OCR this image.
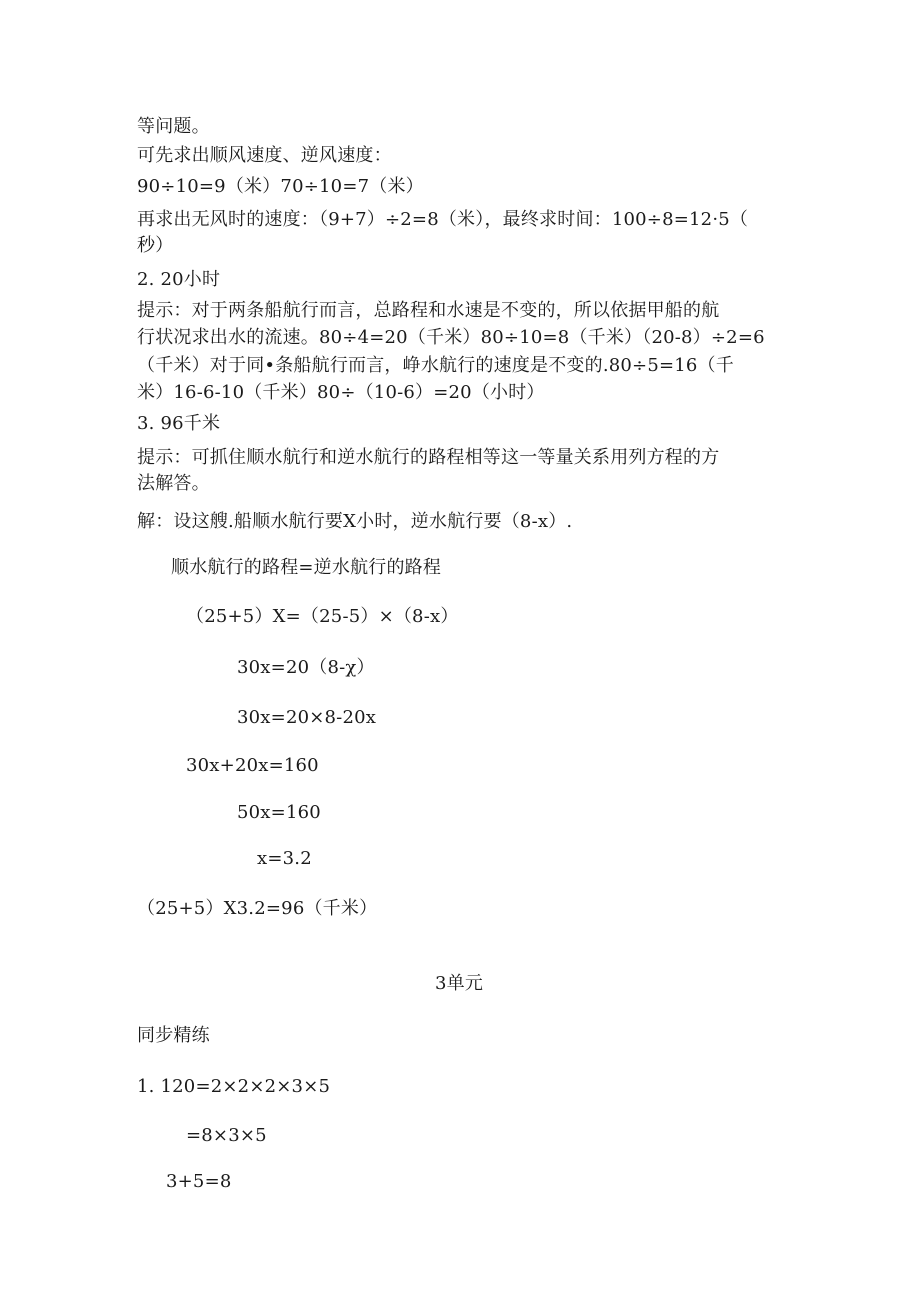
等问题。
可先求出顺风速度、逆风速度：
90÷10=9（米）70÷10=7（米）
再求出无风时的速度：（9+7）÷2=8（米），最终求时间：100÷8=12·5（
秒）
2. 20小时
提示：对于两条船航行而言，总路程和水速是不变的，所以依据甲船的航
行状况求出水的流速。80÷4=20（千米）80÷10=8（千米）（20-8）÷2=6
（千米）对于同•条船航行而言，峥水航行的速度是不变的.80÷5=16（千
米）16-6-10（千米）80÷（10-6）=20（小时）
3. 96千米
提示：可抓住顺水航行和逆水航行的路程相等这一等量关系用列方程的方
法解答。
解：设这艘.船顺水航行要X小时，逆水航行要（8-x）.
顺水航行的路程=逆水航行的路程
（25+5）X=（25-5）×（8-x）
30x=20（8-χ）
30x=20×8-20x
30x+20x=160
50x=160
x=3.2
（25+5）X3.2=96（千米）
3单元
同步精练
1. 120=2×2×2×3×5
=8×3×5
3+5=8
